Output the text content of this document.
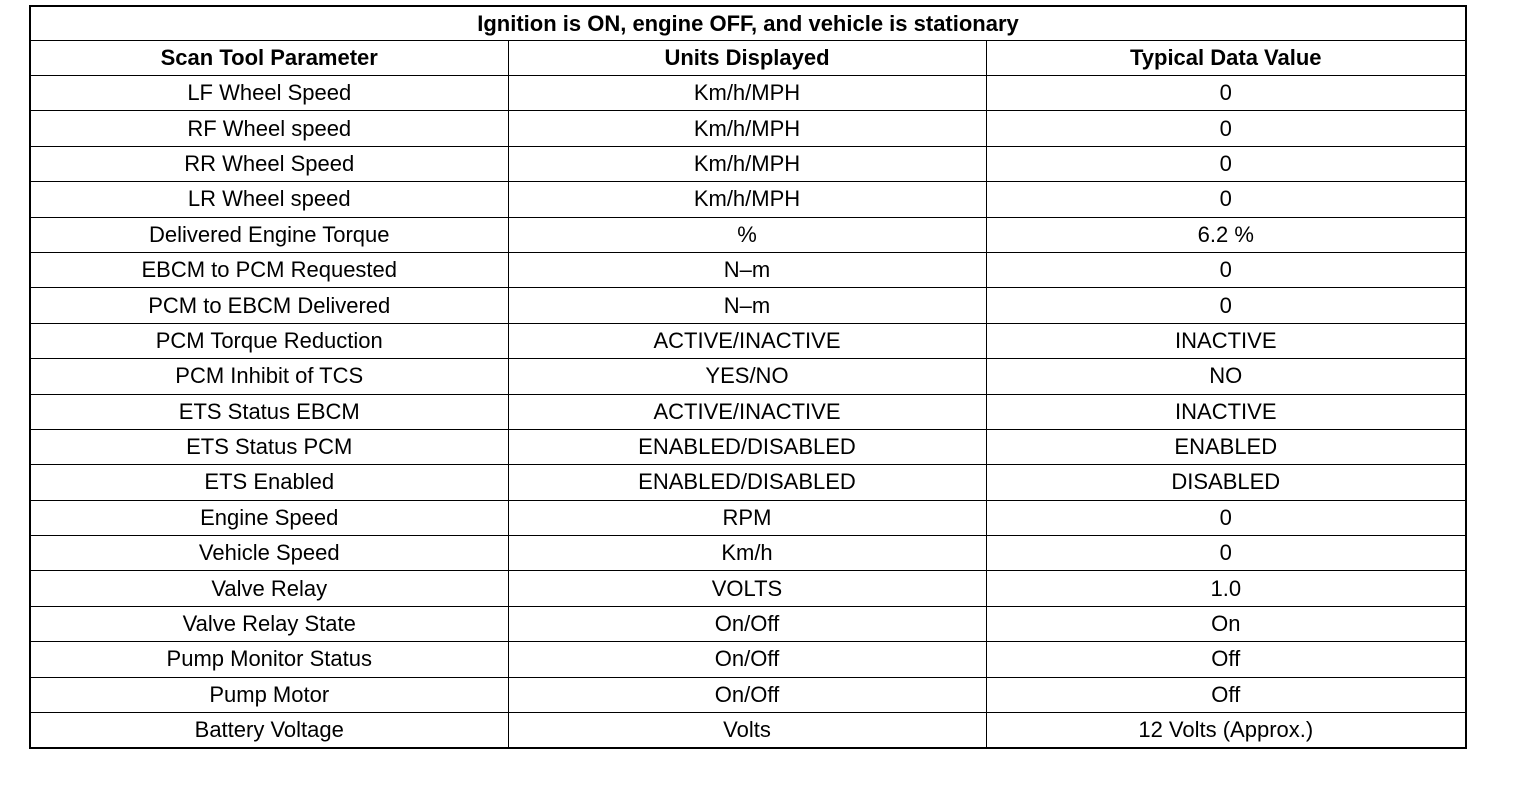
Ignition is ON, engine OFF, and vehicle is stationary		
Scan Tool Parameter	Units Displayed	Typical Data Value
LF Wheel Speed	Km/h/MPH	0
RF Wheel speed	Km/h/MPH	0
RR Wheel Speed	Km/h/MPH	0
LR Wheel speed	Km/h/MPH	0
Delivered Engine Torque	%	6.2 %
EBCM to PCM Requested	N–m	0
PCM to EBCM Delivered	N–m	0
PCM Torque Reduction	ACTIVE/INACTIVE	INACTIVE
PCM Inhibit of TCS	YES/NO	NO
ETS Status EBCM	ACTIVE/INACTIVE	INACTIVE
ETS Status PCM	ENABLED/DISABLED	ENABLED
ETS Enabled	ENABLED/DISABLED	DISABLED
Engine Speed	RPM	0
Vehicle Speed	Km/h	0
Valve Relay	VOLTS	1.0
Valve Relay State	On/Off	On
Pump Monitor Status	On/Off	Off
Pump Motor	On/Off	Off
Battery Voltage	Volts	12 Volts (Approx.)
